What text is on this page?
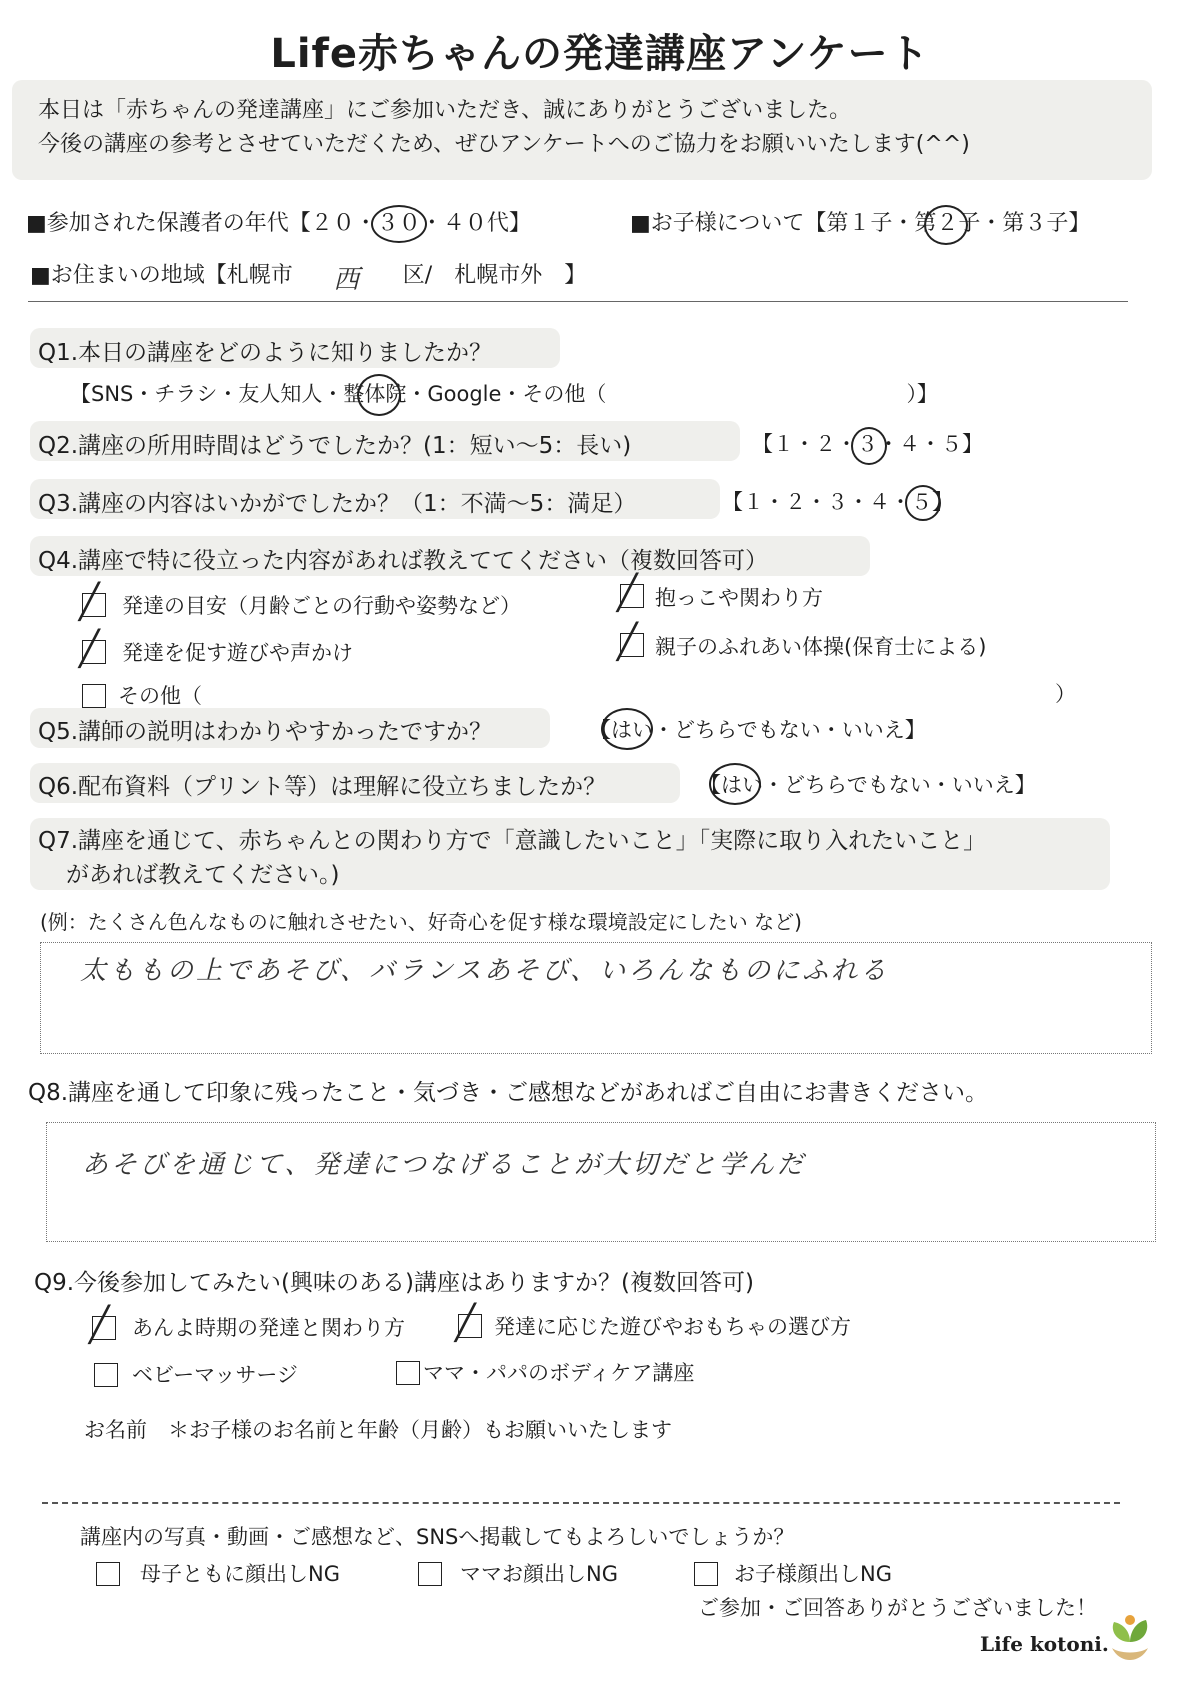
Life赤ちゃんの発達講座アンケート
本日は「赤ちゃんの発達講座」にご参加いただき、誠にありがとうございました。
今後の講座の参考とさせていただくため、ぜひアンケートへのご協力をお願いいたします(^^)
■参加された保護者の年代【２０・３０
・４０代】	■お子様について【第１子・第２子
・第３子】
■お住まいの地域【札幌市 西 区/　札幌市外　】
Q1.本日の講座をどのように知りましたか？
【SNS・チラシ・友人知人・整体院
・Google・その他（	）】
Q2.講座の所用時間はどうでしたか？(1：短い〜5：長い)	【１・２・３
・４・５】
Q3.講座の内容はいかがでしたか？（1：不満〜5：満足）	【１・２・３・４・５
】
Q4.講座で特に役立った内容があれば教えててください（複数回答可）
╱ 発達の目安（月齢ごとの行動や姿勢など）	╱ 抱っこや関わり方
╱ 発達を促す遊びや声かけ	╱ 親子のふれあい体操(保育士による)
その他（	）
Q5.講師の説明はわかりやすかったですか？	【はい
・どちらでもない・いいえ】
Q6.配布資料（プリント等）は理解に役立ちましたか？	【はい
・どちらでもない・いいえ】
Q7.講座を通じて、赤ちゃんとの関わり方で「意識したいこと」「実際に取り入れたいこと」
があれば教えてください。)
(例：たくさん色んなものに触れさせたい、好奇心を促す様な環境設定にしたい など)
太ももの上であそび、バランスあそび、いろんなものにふれる
Q8.講座を通して印象に残ったこと・気づき・ご感想などがあればご自由にお書きください。
あそびを通じて、発達につなげることが大切だと学んだ
Q9.今後参加してみたい(興味のある)講座はありますか？(複数回答可)
╱ あんよ時期の発達と関わり方 ╱ 発達に応じた遊びやおもちゃの選び方
ベビーマッサージ	ママ・パパのボディケア講座
お名前　＊お子様のお名前と年齢（月齢）もお願いいたします
講座内の写真・動画・ご感想など、SNSへ掲載してもよろしいでしょうか？
母子ともに顔出しNG	ママお顔出しNG	お子様顔出しNG
ご参加・ご回答ありがとうございました！
Life kotoni.
